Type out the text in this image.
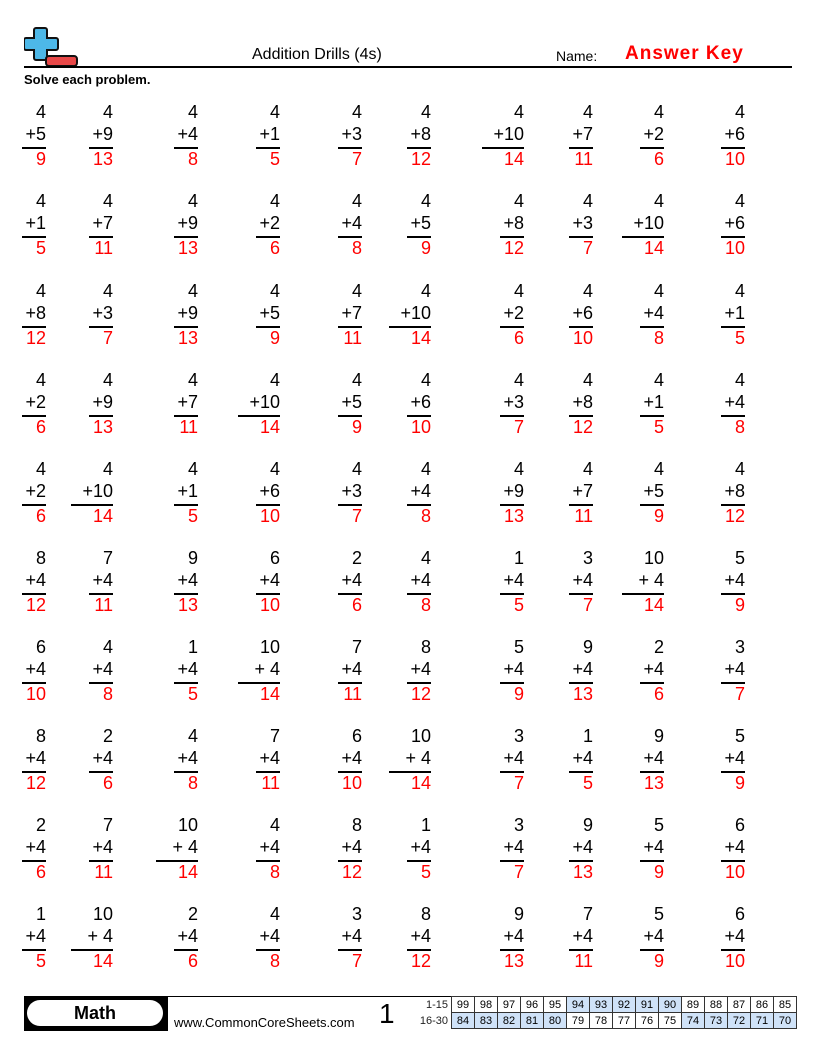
Addition Drills (4s)	Name: Answer Key
Solve each problem.
4
+5
9
4
+9
13
4
+4
8
4
+1
5
4
+3
7
4
+8
12
4
+10
14
4
+7
11
4
+2
6
4
+6
10
4
+1
5
4
+7
11
4
+9
13
4
+2
6
4
+4
8
4
+5
9
4
+8
12
4
+3
7
4
+10
14
4
+6
10
4
+8
12
4
+3
7
4
+9
13
4
+5
9
4
+7
11
4
+10
14
4
+2
6
4
+6
10
4
+4
8
4
+1
5
4
+2
6
4
+9
13
4
+7
11
4
+10
14
4
+5
9
4
+6
10
4
+3
7
4
+8
12
4
+1
5
4
+4
8
4
+2
6
4
+10
14
4
+1
5
4
+6
10
4
+3
7
4
+4
8
4
+9
13
4
+7
11
4
+5
9
4
+8
12
8
+4
12
7
+4
11
9
+4
13
6
+4
10
2
+4
6
4
+4
8
1
+4
5
3
+4
7
10
+ 4
14
5
+4
9
6
+4
10
4
+4
8
1
+4
5
10
+ 4
14
7
+4
11
8
+4
12
5
+4
9
9
+4
13
2
+4
6
3
+4
7
8
+4
12
2
+4
6
4
+4
8
7
+4
11
6
+4
10
10
+ 4
14
3
+4
7
1
+4
5
9
+4
13
5
+4
9
2
+4
6
7
+4
11
10
+ 4
14
4
+4
8
8
+4
12
1
+4
5
3
+4
7
9
+4
13
5
+4
9
6
+4
10
1
+4
5
10
+ 4
14
2
+4
6
4
+4
8
3
+4
7
8
+4
12
9
+4
13
7
+4
11
5
+4
9
6
+4
10
Math	www.CommonCoreSheets.com 1	1-15	99	98	97	96	95	94	93	92	91	90	89	88	87	86	85
16-30	84	83	82	81	80	79	78	77	76	75	74	73	72	71	70
